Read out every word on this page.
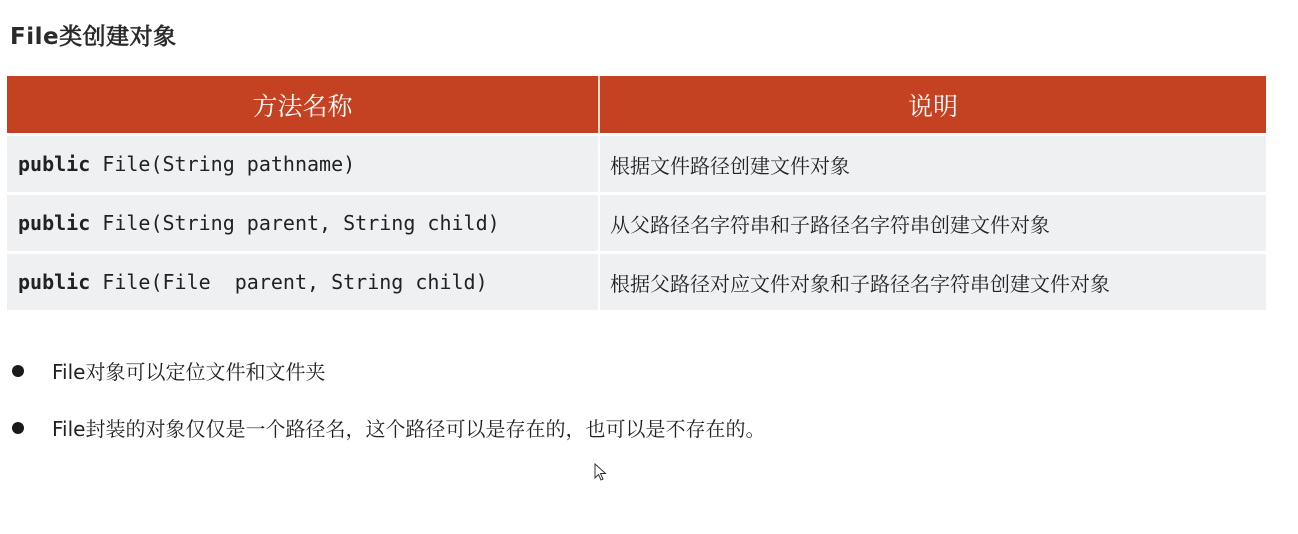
File类创建对象
方法名称	说明
public File(String pathname)	根据文件路径创建文件对象
public File(String parent, String child)	从父路径名字符串和子路径名字符串创建文件对象
public File(File  parent, String child)	根据父路径对应文件对象和子路径名字符串创建文件对象
File对象可以定位文件和文件夹
File封装的对象仅仅是一个路径名，这个路径可以是存在的，也可以是不存在的。
